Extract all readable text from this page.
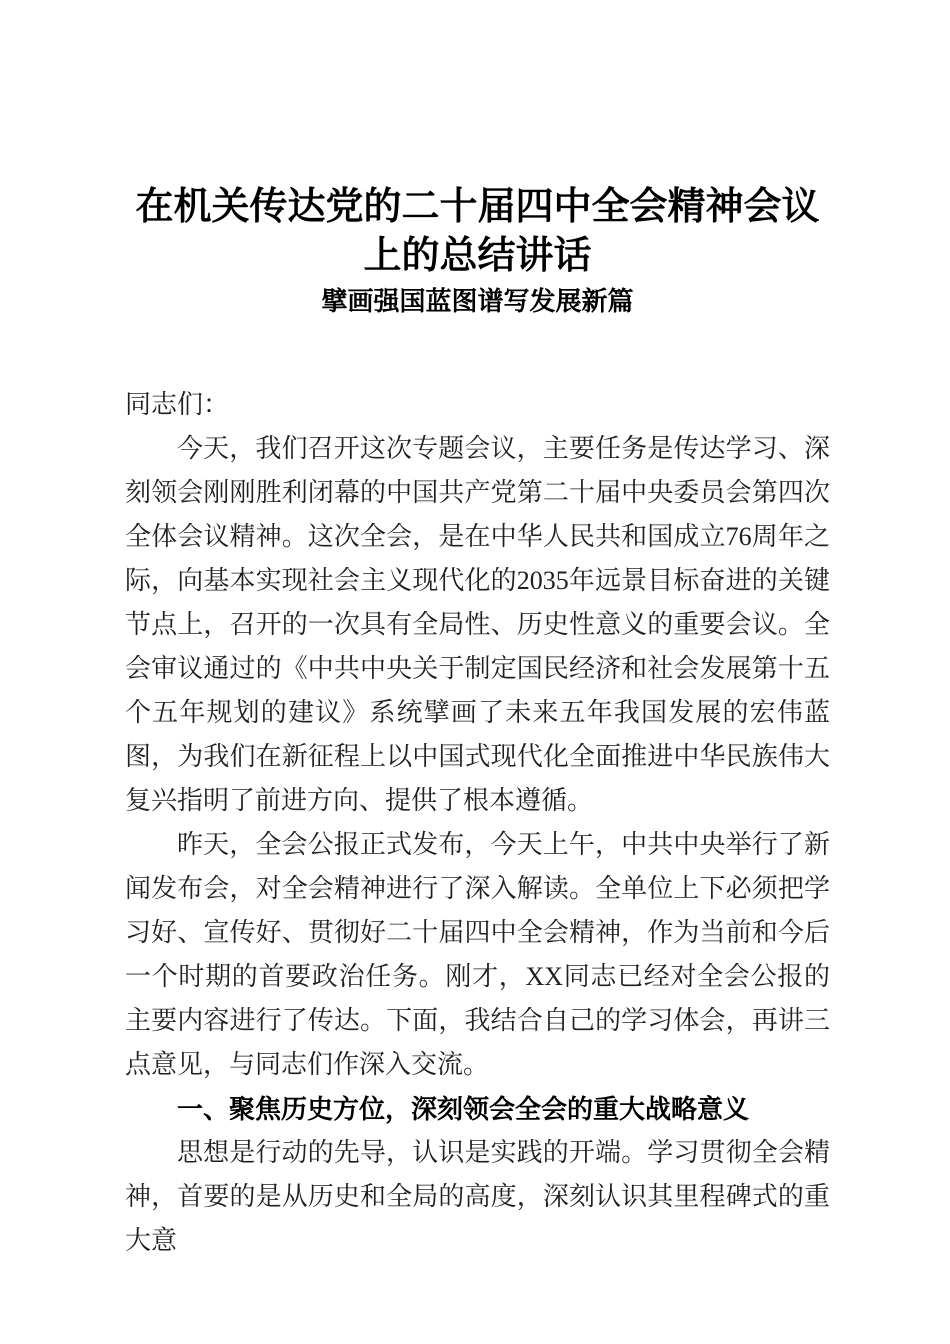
在机关传达党的二十届四中全会精神会议上的总结讲话
擘画强国蓝图谱写发展新篇

同志们：

今天，我们召开这次专题会议，主要任务是传达学习、深刻领会刚刚胜利闭幕的中国共产党第二十届中央委员会第四次全体会议精神。这次全会，是在中华人民共和国成立76周年之际，向基本实现社会主义现代化的2035年远景目标奋进的关键节点上，召开的一次具有全局性、历史性意义的重要会议。全会审议通过的《中共中央关于制定国民经济和社会发展第十五个五年规划的建议》系统擘画了未来五年我国发展的宏伟蓝图，为我们在新征程上以中国式现代化全面推进中华民族伟大复兴指明了前进方向、提供了根本遵循。

昨天，全会公报正式发布，今天上午，中共中央举行了新闻发布会，对全会精神进行了深入解读。全单位上下必须把学习好、宣传好、贯彻好二十届四中全会精神，作为当前和今后一个时期的首要政治任务。刚才，XX同志已经对全会公报的主要内容进行了传达。下面，我结合自己的学习体会，再讲三点意见，与同志们作深入交流。

一、聚焦历史方位，深刻领会全会的重大战略意义

思想是行动的先导，认识是实践的开端。学习贯彻全会精神，首要的是从历史和全局的高度，深刻认识其里程碑式的重大意
